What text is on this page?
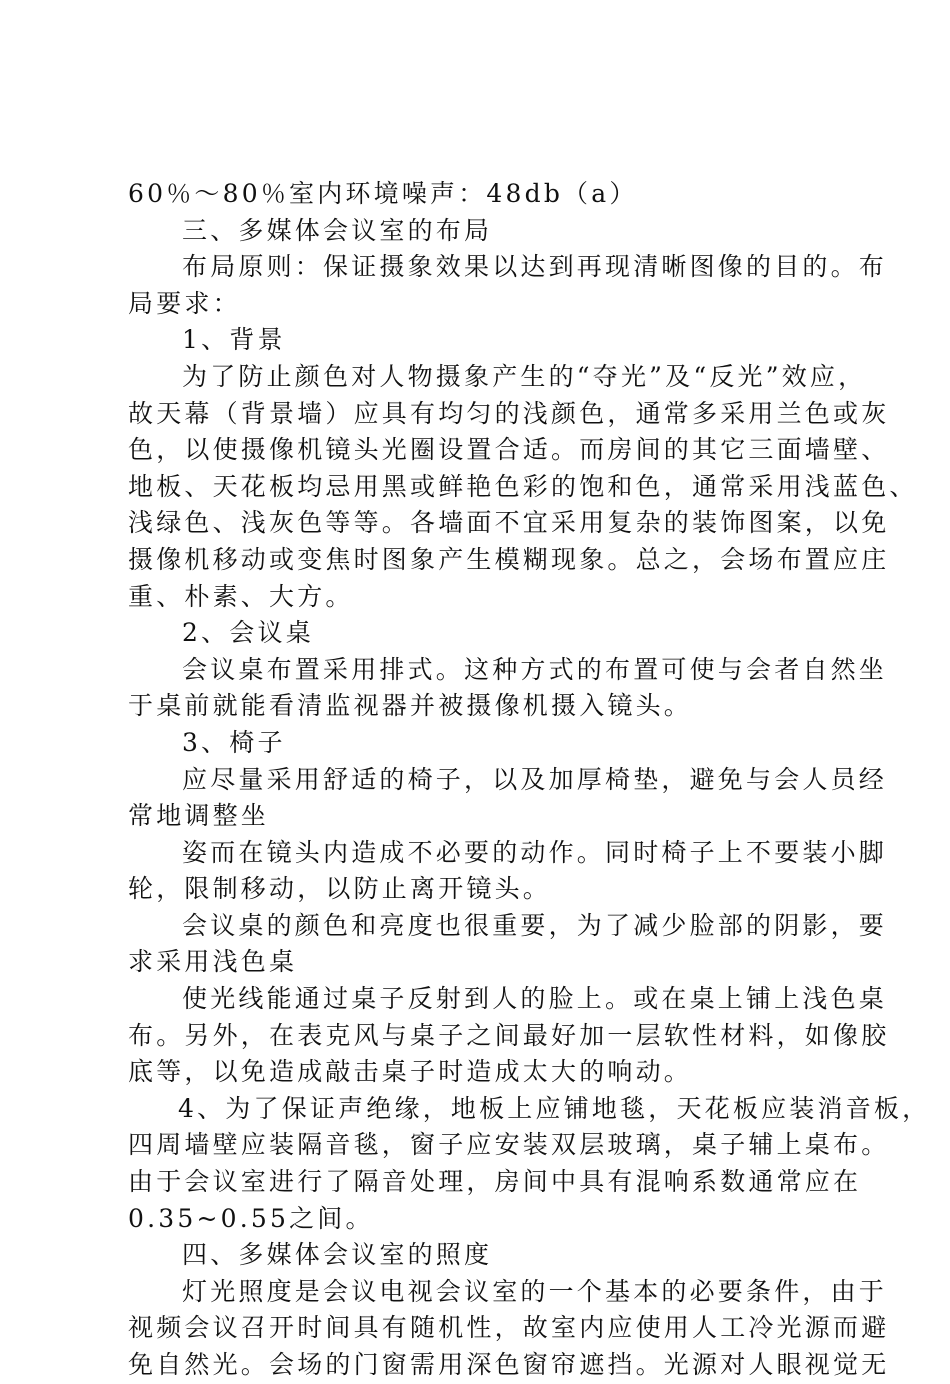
60％～80％室内环境噪声：48db（a）
三、多媒体会议室的布局
布局原则：保证摄象效果以达到再现清晰图像的目的。布
局要求：
1、背景
为了防止颜色对人物摄象产生的“夺光”及“反光”效应，
故天幕（背景墙）应具有均匀的浅颜色，通常多采用兰色或灰
色，以使摄像机镜头光圈设置合适。而房间的其它三面墙壁、
地板、天花板均忌用黑或鲜艳色彩的饱和色，通常采用浅蓝色、
浅绿色、浅灰色等等。各墙面不宜采用复杂的装饰图案，以免
摄像机移动或变焦时图象产生模糊现象。总之，会场布置应庄
重、朴素、大方。
2、会议桌
会议桌布置采用排式。这种方式的布置可使与会者自然坐
于桌前就能看清监视器并被摄像机摄入镜头。
3、椅子
应尽量采用舒适的椅子，以及加厚椅垫，避免与会人员经
常地调整坐
姿而在镜头内造成不必要的动作。同时椅子上不要装小脚
轮，限制移动，以防止离开镜头。
会议桌的颜色和亮度也很重要，为了减少脸部的阴影，要
求采用浅色桌
使光线能通过桌子反射到人的脸上。或在桌上铺上浅色桌
布。另外，在表克风与桌子之间最好加一层软性材料，如像胶
底等，以免造成敲击桌子时造成太大的响动。
4、为了保证声绝缘，地板上应铺地毯，天花板应装消音板，
四周墙壁应装隔音毯，窗子应安装双层玻璃，桌子辅上桌布。
由于会议室进行了隔音处理，房间中具有混响系数通常应在
0.35~0.55之间。
四、多媒体会议室的照度
灯光照度是会议电视会议室的一个基本的必要条件，由于
视频会议召开时间具有随机性，故室内应使用人工冷光源而避
免自然光。会场的门窗需用深色窗帘遮挡。光源对人眼视觉无
